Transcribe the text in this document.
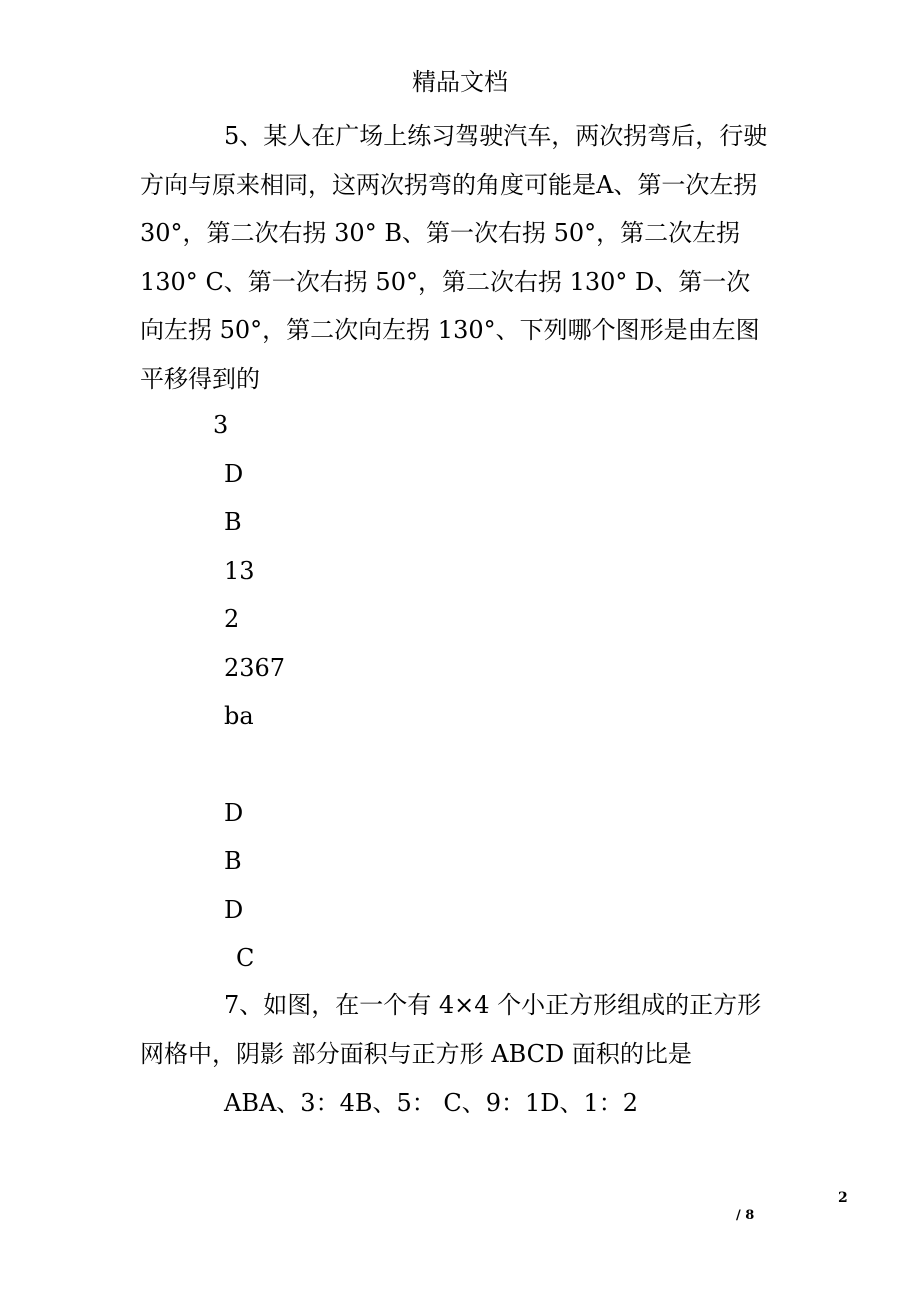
精品文档
5、某人在广场上练习驾驶汽车，两次拐弯后，行驶
方向与原来相同，这两次拐弯的角度可能是A、第一次左拐
30°，第二次右拐 30° B、第一次右拐 50°，第二次左拐
130° C、第一次右拐 50°，第二次右拐 130° D、第一次
向左拐 50°，第二次向左拐 130°、下列哪个图形是由左图
平移得到的
3
D
B
13
2
2367
ba
D
B
D
C
7、如图，在一个有 4×4 个小正方形组成的正方形
网格中，阴影 部分面积与正方形 ABCD 面积的比是
ABA、3：4B、5： C、9：1D、1：2
2
/ 8
